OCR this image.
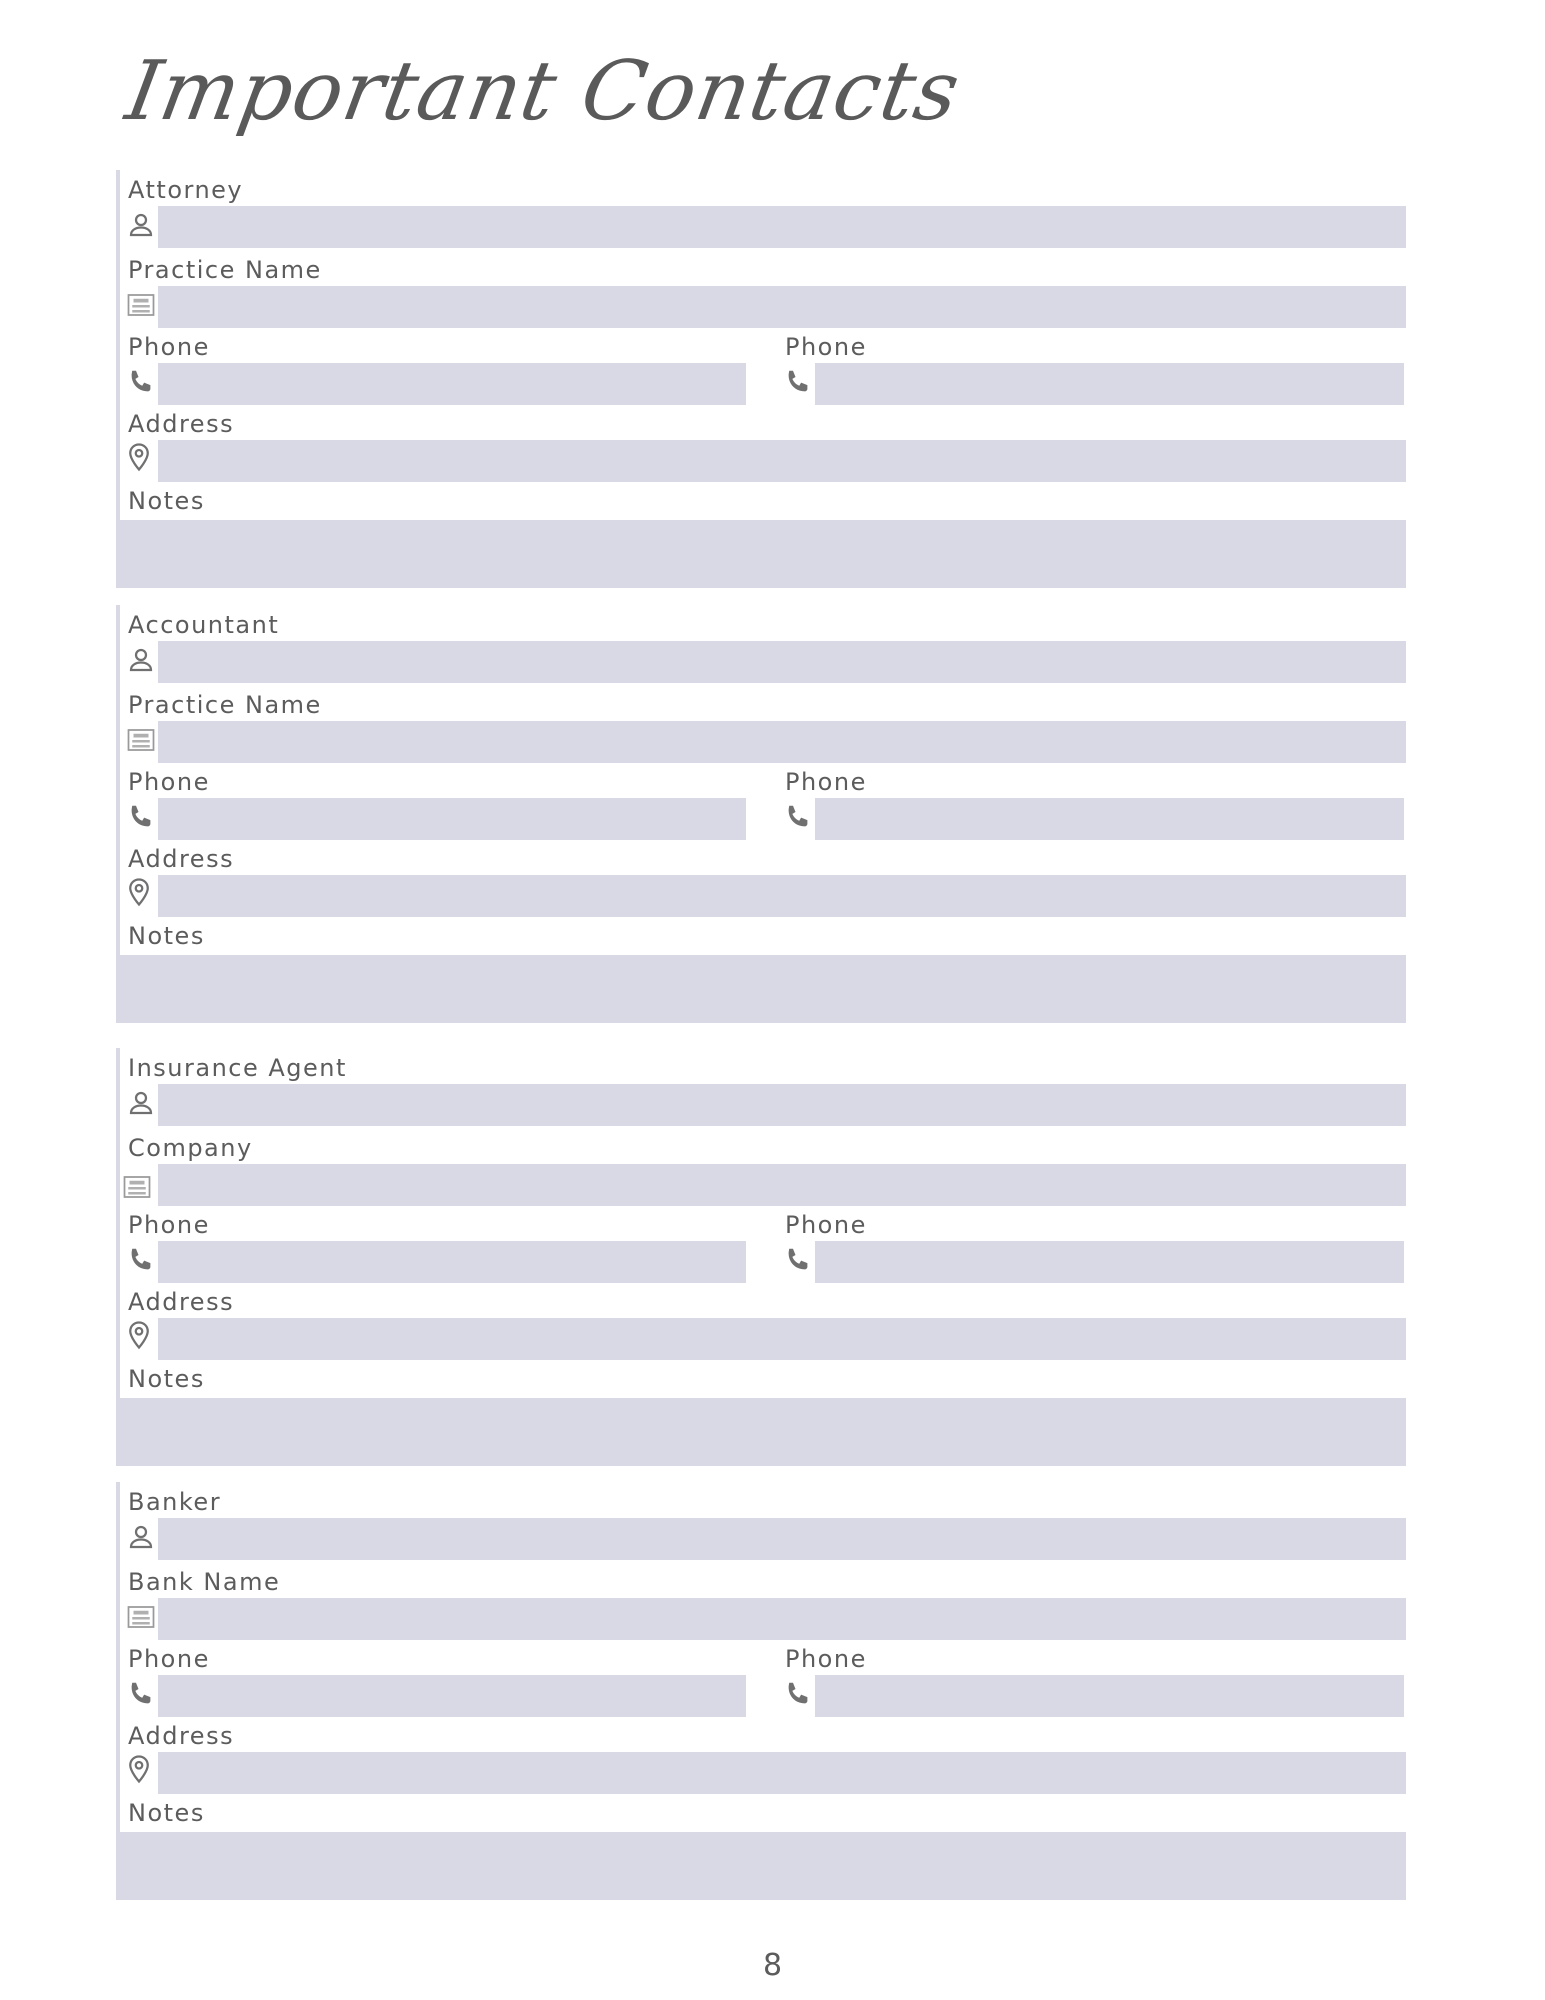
Important Contacts
Attorney
Practice Name
Phone	Phone
Address
Notes
Accountant
Practice Name
Phone	Phone
Address
Notes
Insurance Agent
Company
Phone	Phone
Address
Notes
Banker
Bank Name
Phone	Phone
Address
Notes
8
